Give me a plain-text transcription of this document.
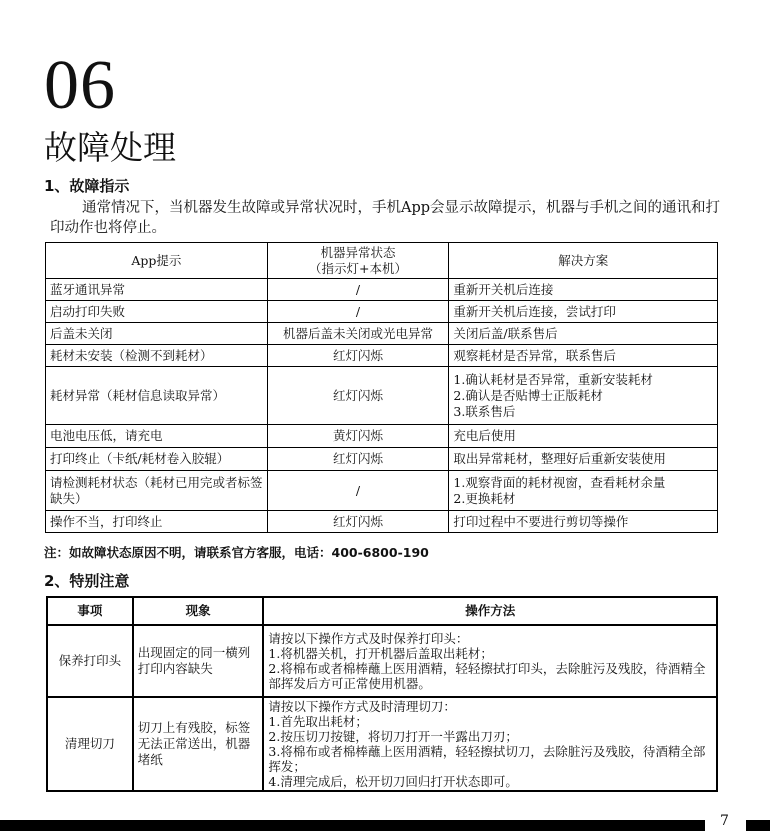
06
故障处理
1、故障指示

通常情况下，当机器发生故障或异常状况时，手机App会显示故障提示，机器与手机之间的通讯和打印动作也将停止。

App提示	机器异常状态
（指示灯+本机）	解决方案
蓝牙通讯异常	/	重新开关机后连接

启动打印失败	/	重新开关机后连接，尝试打印

后盖未关闭	机器后盖未关闭或光电异常	关闭后盖/联系售后

耗材未安装（检测不到耗材）	红灯闪烁	观察耗材是否异常，联系售后

耗材异常（耗材信息读取异常）	红灯闪烁	1.确认耗材是否异常，重新安装耗材
2.确认是否贴博士正版耗材
3.联系售后

电池电压低，请充电	黄灯闪烁	充电后使用

打印终止（卡纸/耗材卷入胶辊）	红灯闪烁	取出异常耗材，整理好后重新安装使用

请检测耗材状态（耗材已用完或者标签缺失）	/	1.观察背面的耗材视窗，查看耗材余量
2.更换耗材

操作不当，打印终止	红灯闪烁	打印过程中不要进行剪切等操作
注：如故障状态原因不明，请联系官方客服，电话：400-6800-190
2、特别注意
事项	现象	操作方法
保养打印头	出现固定的同一横列打印内容缺失	请按以下操作方式及时保养打印头：
1.将机器关机，打开机器后盖取出耗材；
2.将棉布或者棉棒蘸上医用酒精，轻轻擦拭打印头，去除脏污及残胶，待酒精全部挥发后方可正常使用机器。

清理切刀	切刀上有残胶，标签无法正常送出，机器堵纸	请按以下操作方式及时清理切刀：
1.首先取出耗材；
2.按压切刀按键，将切刀打开一半露出刀刃；
3.将棉布或者棉棒蘸上医用酒精，轻轻擦拭切刀，去除脏污及残胶，待酒精全部挥发；
4.清理完成后，松开切刀回归打开状态即可。
7
